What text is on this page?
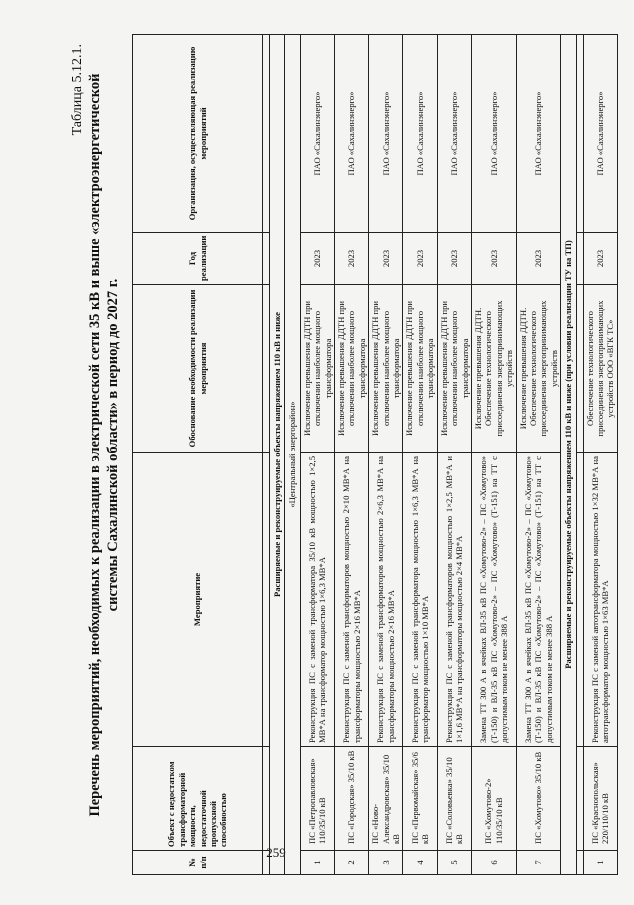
259
Таблица 5.12.1. Перечень мероприятий, необходимых к реализации в электрической сети 35 кВ и выше «электроэнергетической системы Сахалинской области» в период до 2027 г.
№ п/п	Объект с недостатком трансформаторной мощности, недостаточной пропускной способностью	Мероприятие	Обоснование необходимости реализации мероприятия	Год реализации	Организация, осуществляющая реализацию мероприятий

Расширяемые и реконструируемые объекты напряжением 110 кВ и ниже					
«Центральный энергорайон»					
1	ПС «Петропавловская» 110/35/10 кВ	Реконструкция ПС с заменой трансформатора 35/10 кВ мощностью 1×2,5 МВ*А на трансформатор мощностью 1×6,3 МВ*А	Исключение превышения ДДТН при отключении наиболее мощного трансформатора	2023	ПАО «Сахалинэнерго»
2	ПС «Городская» 35/10 кВ	Реконструкция ПС с заменой трансформаторов мощностью 2×10 МВ*А на трансформаторы мощностью 2×16 МВ*А	Исключение превышения ДДТН при отключении наиболее мощного трансформатора	2023	ПАО «Сахалинэнерго»
3	ПС «Ново-Александровская» 35/10 кВ	Реконструкция ПС с заменой трансформаторов мощностью 2×6,3 МВ*А на трансформаторы мощностью 2×16 МВ*А	Исключение превышения ДДТН при отключении наиболее мощного трансформатора	2023	ПАО «Сахалинэнерго»
4	ПС «Первомайская» 35/6 кВ	Реконструкция ПС с заменой трансформатора мощностью 1×6,3 МВ*А на трансформатор мощностью 1×10 МВ*А	Исключение превышения ДДТН при отключении наиболее мощного трансформатора	2023	ПАО «Сахалинэнерго»
5	ПС «Соловьевка» 35/10 кВ	Реконструкция ПС с заменой трансформаторов мощностью 1×2,5 МВ*А и 1×1,6 МВ*А на трансформаторы мощностью 2×4 МВ*А	Исключение превышения ДДТН при отключении наиболее мощного трансформатора	2023	ПАО «Сахалинэнерго»
6	ПС «Хомутово-2» 110/35/10 кВ	Замена ТТ 300 А в ячейках ВЛ-35 кВ ПС «Хомутово-2» – ПС «Хомутово» (Т-150) и ВЛ-35 кВ ПС «Хомутово-2» – ПС «Хомутово» (Т-151) на ТТ с допустимым током не менее 388 А	Исключение превышения ДДТН. Обеспечение технологического присоединения энергопринимающих устройств	2023	ПАО «Сахалинэнерго»
7	ПС «Хомутово» 35/10 кВ	Замена ТТ 300 А в ячейках ВЛ-35 кВ ПС «Хомутово-2» – ПС «Хомутово» (Т-150) и ВЛ-35 кВ ПС «Хомутово-2» – ПС «Хомутово» (Т-151) на ТТ с допустимым током не менее 388 А	Исключение превышения ДДТН. Обеспечение технологического присоединения энергопринимающих устройств	2023	ПАО «Сахалинэнерго»
Расширяемые и реконструируемые объекты напряжением 110 кВ и ниже (при условии реализации ТУ на ТП)					

1	ПС «Краснопольская» 220/110/10 кВ	Реконструкция ПС с заменой автотрансформатора мощностью 1×32 МВ*А на автотрансформатор мощностью 1×63 МВ*А	Обеспечение технологического присоединения энергопринимающих устройств ООО «ВГК ТС»	2023	ПАО «Сахалинэнерго»
